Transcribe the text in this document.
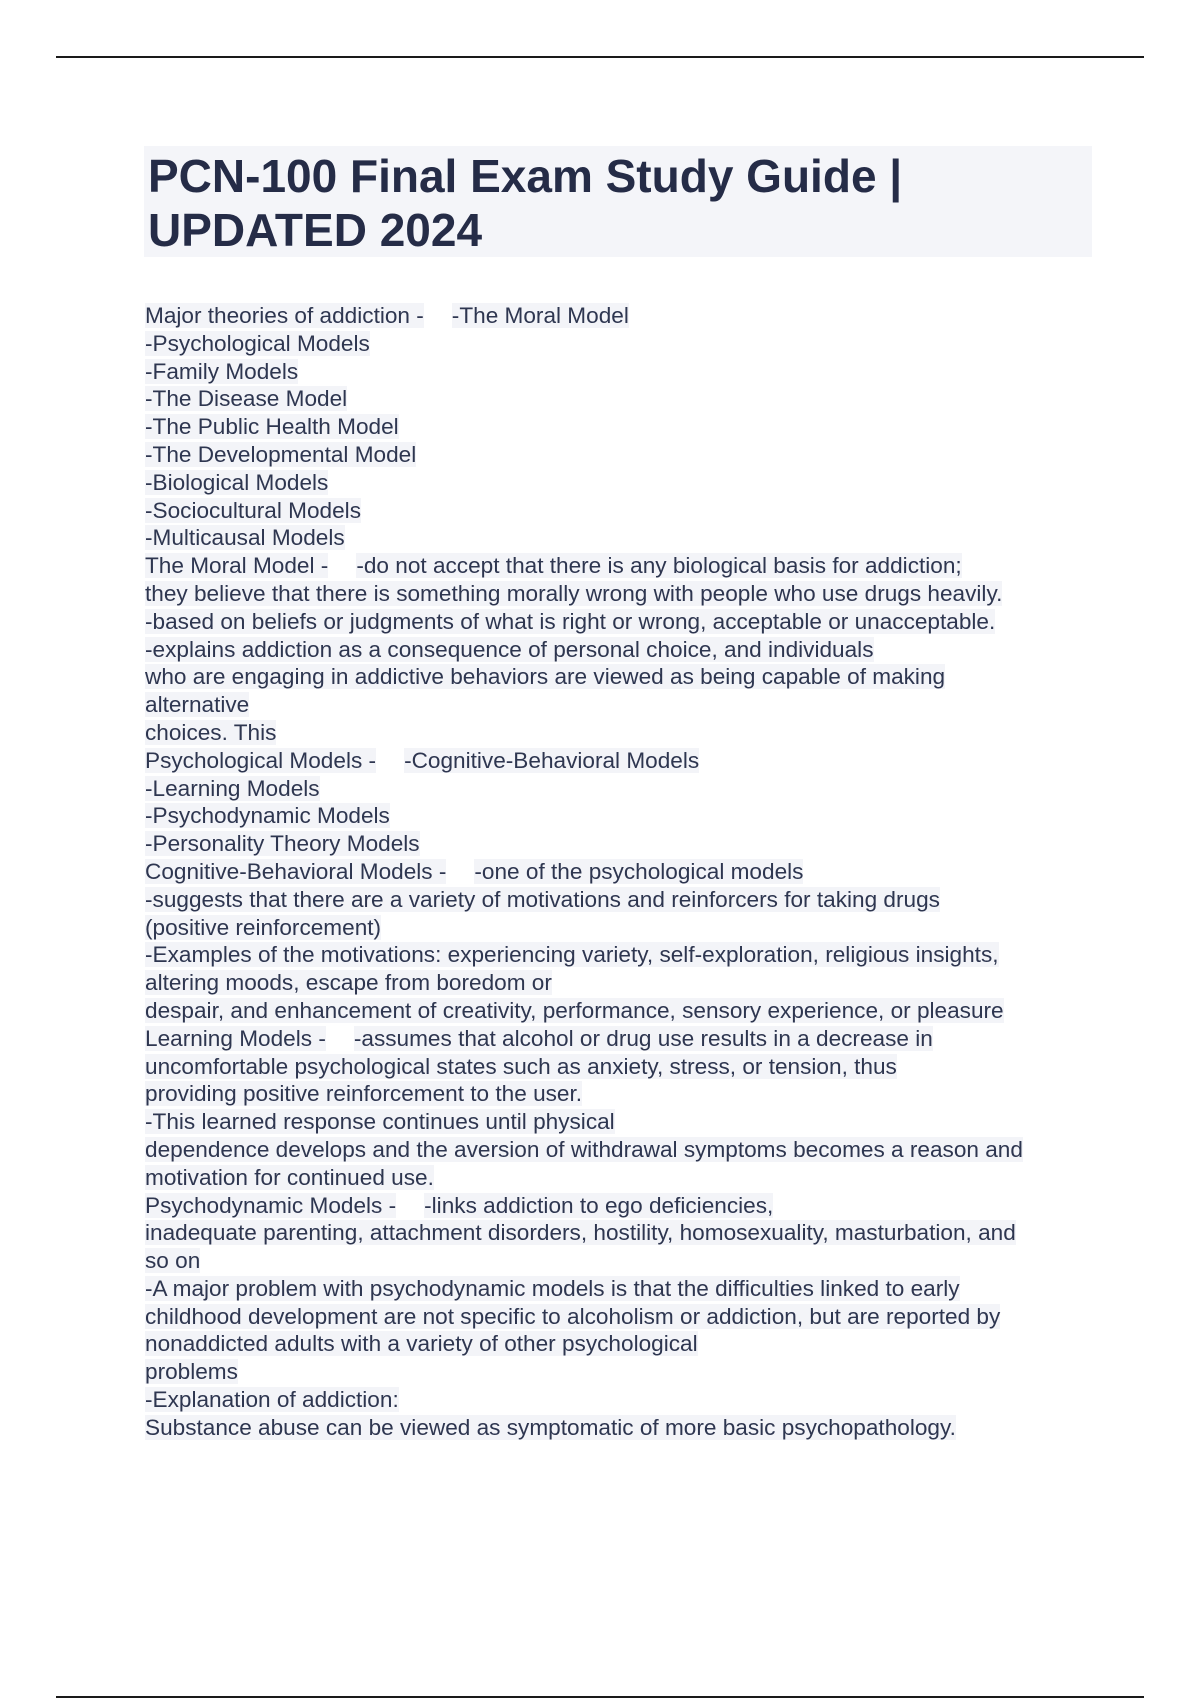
PCN-100 Final Exam Study Guide |
UPDATED 2024
Major theories of addiction - -The Moral Model
-Psychological Models
-Family Models
-The Disease Model
-The Public Health Model
-The Developmental Model
-Biological Models
-Sociocultural Models
-Multicausal Models
The Moral Model - -do not accept that there is any biological basis for addiction;
they believe that there is something morally wrong with people who use drugs heavily.
-based on beliefs or judgments of what is right or wrong, acceptable or unacceptable.
-explains addiction as a consequence of personal choice, and individuals
who are engaging in addictive behaviors are viewed as being capable of making
alternative
choices. This
Psychological Models - -Cognitive-Behavioral Models
-Learning Models
-Psychodynamic Models
-Personality Theory Models
Cognitive-Behavioral Models - -one of the psychological models
-suggests that there are a variety of motivations and reinforcers for taking drugs
(positive reinforcement)
-Examples of the motivations: experiencing variety, self-exploration, religious insights,
altering moods, escape from boredom or
despair, and enhancement of creativity, performance, sensory experience, or pleasure
Learning Models - -assumes that alcohol or drug use results in a decrease in
uncomfortable psychological states such as anxiety, stress, or tension, thus
providing positive reinforcement to the user.
-This learned response continues until physical
dependence develops and the aversion of withdrawal symptoms becomes a reason and
motivation for continued use.
Psychodynamic Models - -links addiction to ego deficiencies,
inadequate parenting, attachment disorders, hostility, homosexuality, masturbation, and
so on
-A major problem with psychodynamic models is that the difficulties linked to early
childhood development are not specific to alcoholism or addiction, but are reported by
nonaddicted adults with a variety of other psychological
problems
-Explanation of addiction:
Substance abuse can be viewed as symptomatic of more basic psychopathology.
